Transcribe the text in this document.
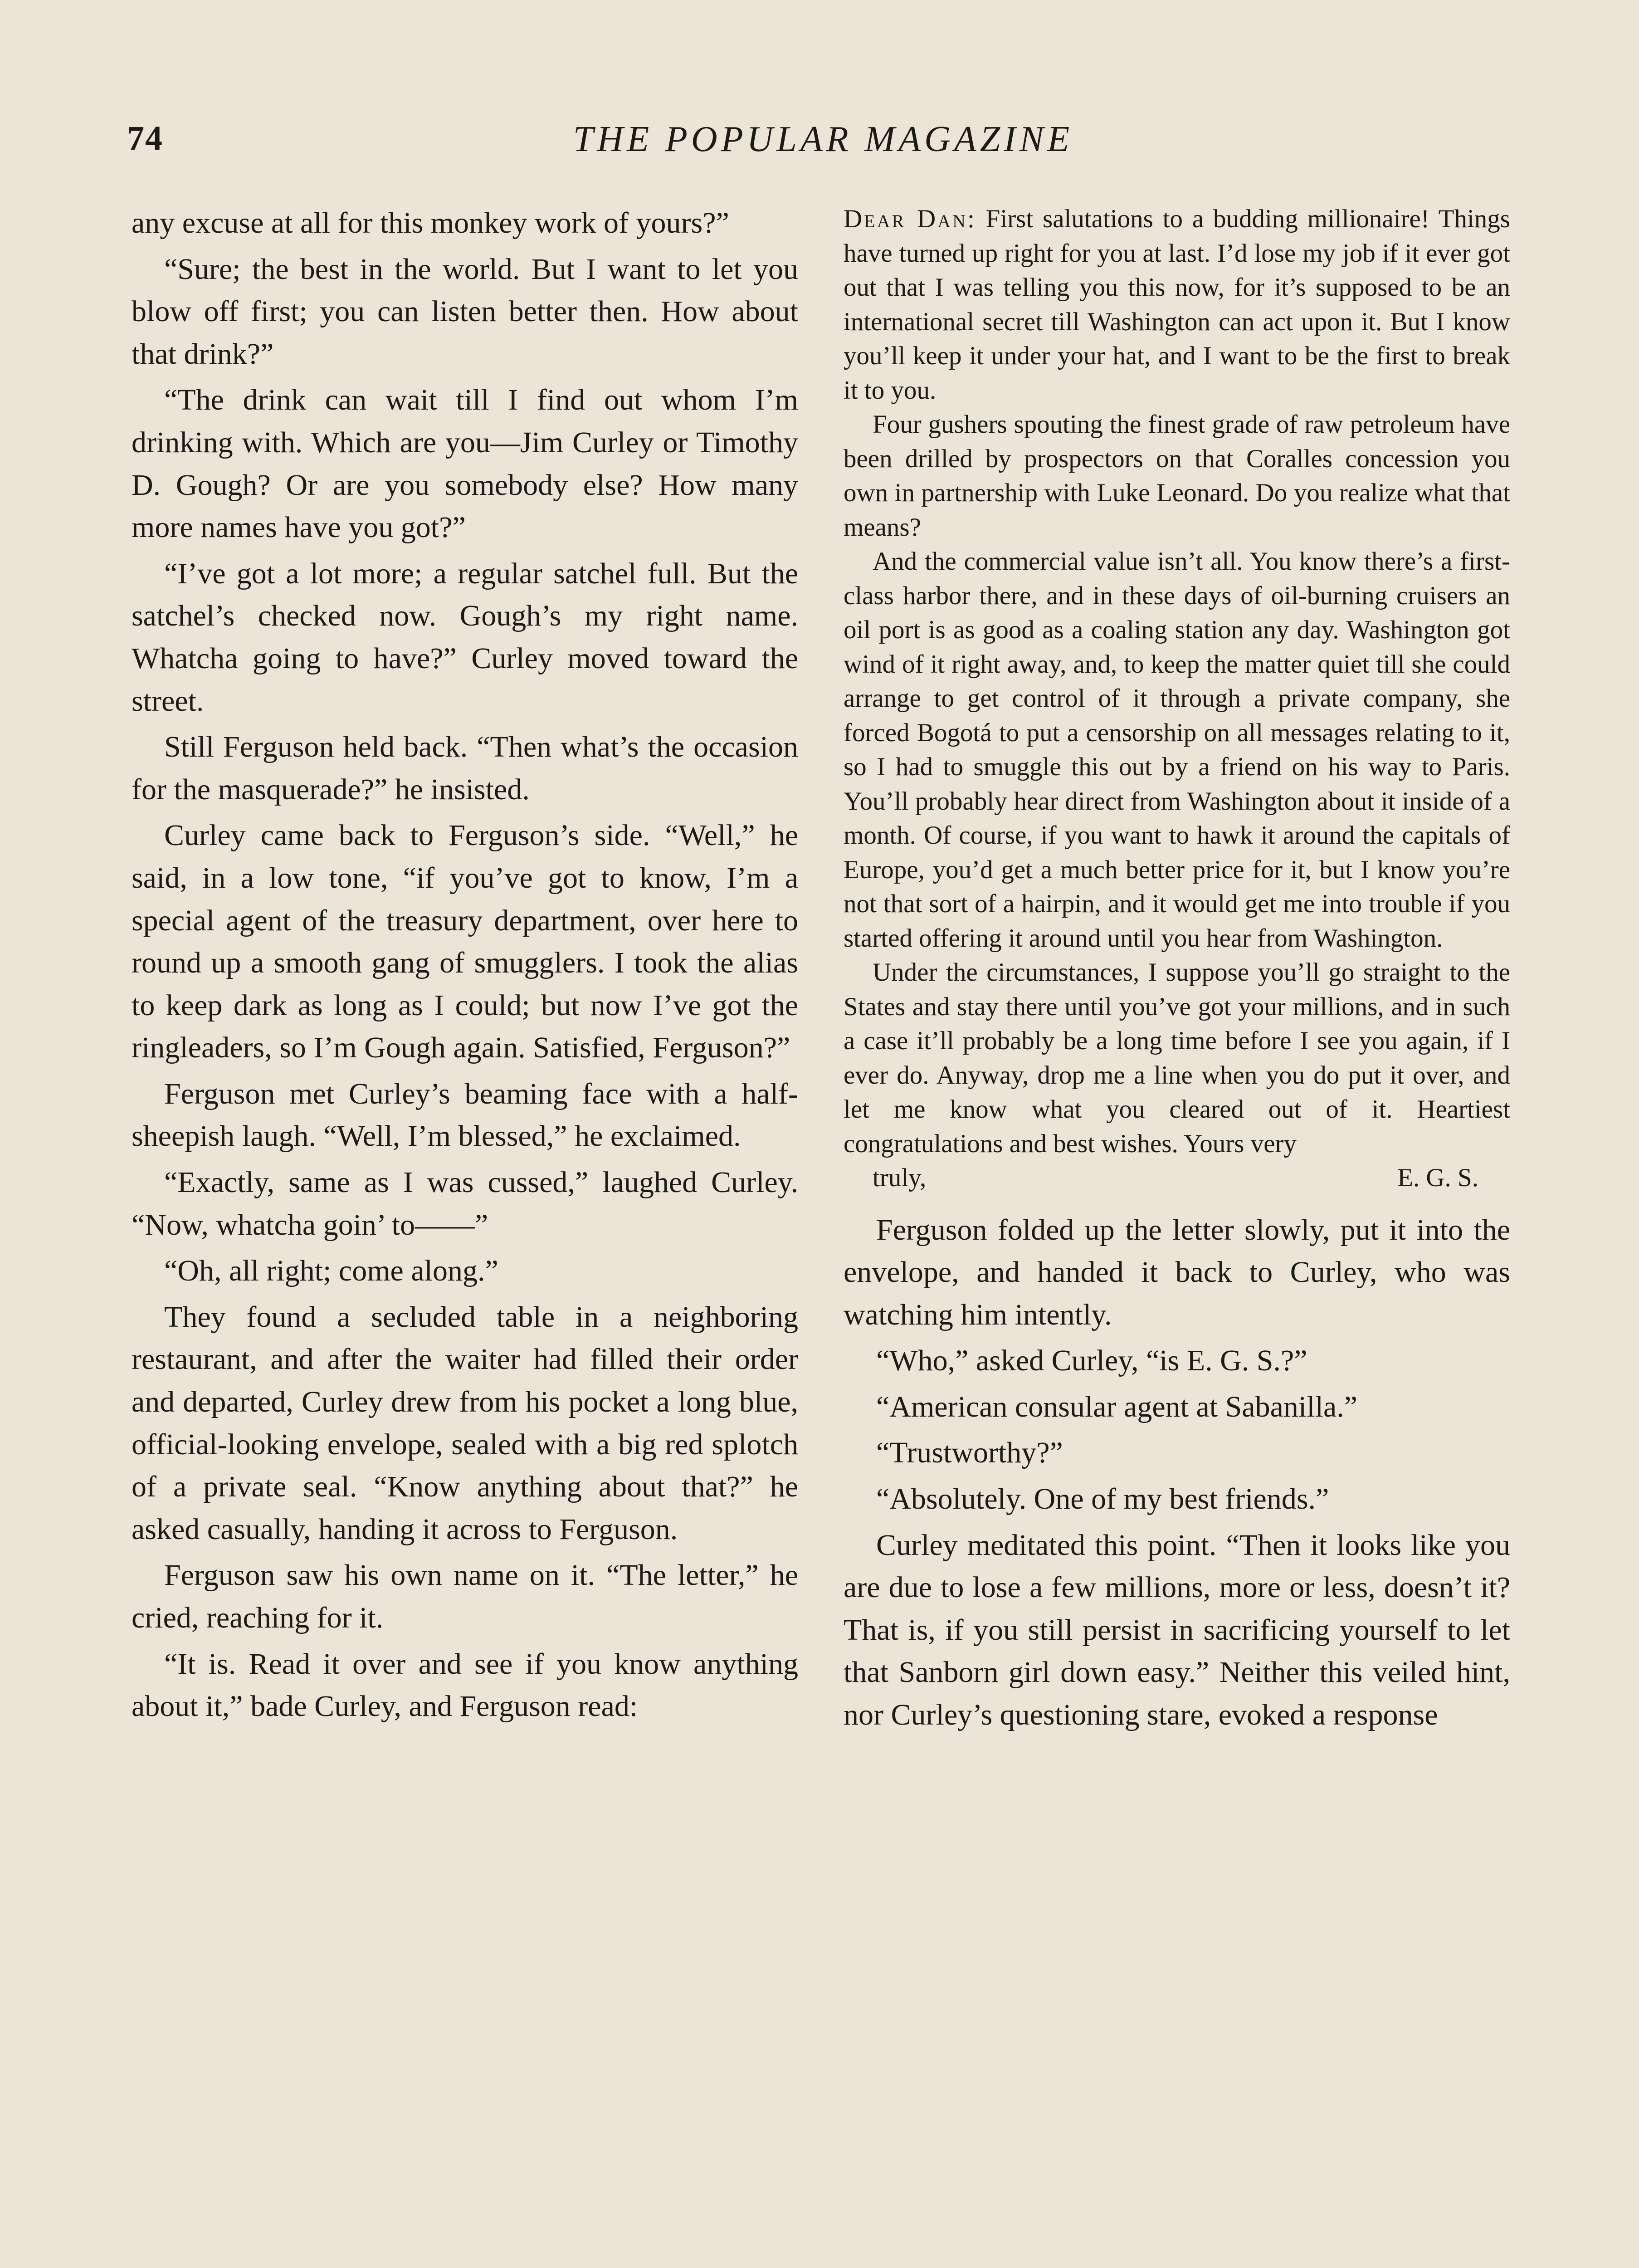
74	THE POPULAR MAGAZINE

any excuse at all for this monkey work of yours?”

“Sure; the best in the world. But I want to let you blow off first; you can listen better then. How about that drink?”

“The drink can wait till I find out whom I’m drinking with. Which are you—Jim Curley or Timothy D. Gough? Or are you somebody else? How many more names have you got?”

“I’ve got a lot more; a regular satchel full. But the satchel’s checked now. Gough’s my right name. Whatcha going to have?” Curley moved toward the street.

Still Ferguson held back. “Then what’s the occasion for the masquerade?” he insisted.

Curley came back to Ferguson’s side. “Well,” he said, in a low tone, “if you’ve got to know, I’m a special agent of the treasury department, over here to round up a smooth gang of smugglers. I took the alias to keep dark as long as I could; but now I’ve got the ringleaders, so I’m Gough again. Satisfied, Ferguson?”

Ferguson met Curley’s beaming face with a half-sheepish laugh. “Well, I’m blessed,” he exclaimed.

“Exactly, same as I was cussed,” laughed Curley. “Now, whatcha goin’ to——”

“Oh, all right; come along.”

They found a secluded table in a neighboring restaurant, and after the waiter had filled their order and departed, Curley drew from his pocket a long blue, official-looking envelope, sealed with a big red splotch of a private seal. “Know anything about that?” he asked casually, handing it across to Ferguson.

Ferguson saw his own name on it. “The letter,” he cried, reaching for it.

“It is. Read it over and see if you know anything about it,” bade Curley, and Ferguson read:

Dear Dan: First salutations to a budding millionaire! Things have turned up right for you at last. I’d lose my job if it ever got out that I was telling you this now, for it’s supposed to be an international secret till Washington can act upon it. But I know you’ll keep it under your hat, and I want to be the first to break it to you.

Four gushers spouting the finest grade of raw petroleum have been drilled by prospectors on that Coralles concession you own in partnership with Luke Leonard. Do you realize what that means?

And the commercial value isn’t all. You know there’s a first-class harbor there, and in these days of oil-burning cruisers an oil port is as good as a coaling station any day. Washington got wind of it right away, and, to keep the matter quiet till she could arrange to get control of it through a private company, she forced Bogotá to put a censorship on all messages relating to it, so I had to smuggle this out by a friend on his way to Paris. You’ll probably hear direct from Washington about it inside of a month. Of course, if you want to hawk it around the capitals of Europe, you’d get a much better price for it, but I know you’re not that sort of a hairpin, and it would get me into trouble if you started offering it around until you hear from Washington.

Under the circumstances, I suppose you’ll go straight to the States and stay there until you’ve got your millions, and in such a case it’ll probably be a long time before I see you again, if I ever do. Anyway, drop me a line when you do put it over, and let me know what you cleared out of it. Heartiest congratulations and best wishes. Yours very

truly,	E. G. S.

Ferguson folded up the letter slowly, put it into the envelope, and handed it back to Curley, who was watching him intently.

“Who,” asked Curley, “is E. G. S.?”

“American consular agent at Sabanilla.”

“Trustworthy?”

“Absolutely. One of my best friends.”

Curley meditated this point. “Then it looks like you are due to lose a few millions, more or less, doesn’t it? That is, if you still persist in sacrificing yourself to let that Sanborn girl down easy.” Neither this veiled hint, nor Curley’s questioning stare, evoked a response
